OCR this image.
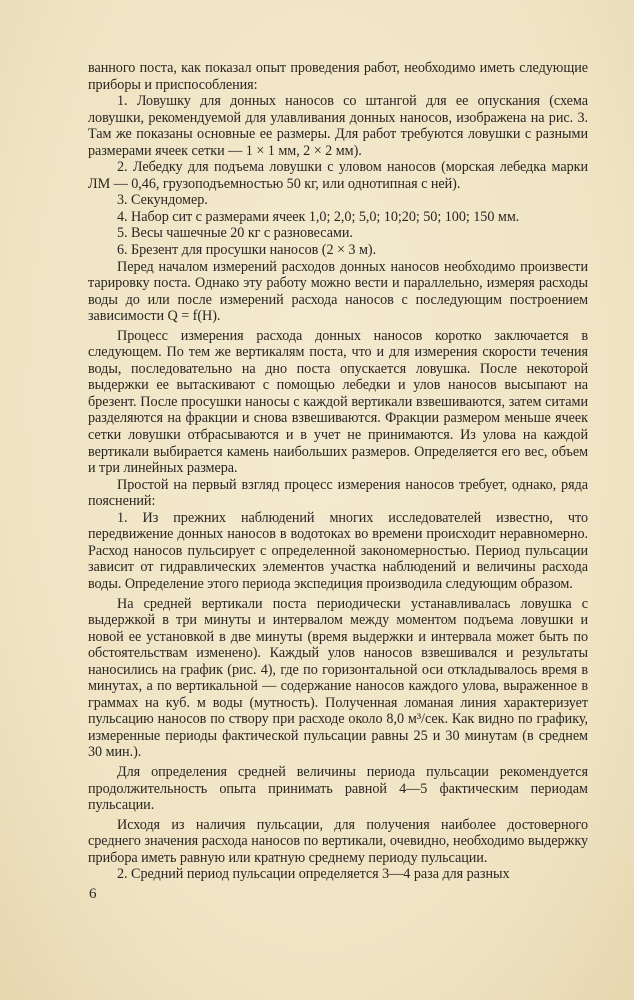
ванного поста, как показал опыт проведения работ, необходимо иметь следующие приборы и приспособления:

1. Ловушку для донных наносов со штангой для ее опускания (схема ловушки, рекомендуемой для улавливания донных наносов, изображена на рис. 3. Там же показаны основные ее размеры. Для работ требуются ловушки с разными размерами ячеек сетки — 1 × 1 мм, 2 × 2 мм).

2. Лебедку для подъема ловушки с уловом наносов (морская лебедка марки ЛМ — 0,46, грузоподъемностью 50 кг, или однотипная с ней).

3. Секундомер.

4. Набор сит с размерами ячеек 1,0; 2,0; 5,0; 10;20; 50; 100; 150 мм.

5. Весы чашечные 20 кг с разновесами.

6. Брезент для просушки наносов (2 × 3 м).

Перед началом измерений расходов донных наносов необходимо произвести тарировку поста. Однако эту работу можно вести и параллельно, измеряя расходы воды до или после измерений расхода наносов с последующим построением зависимости Q = f(H).

Процесс измерения расхода донных наносов коротко заключается в следующем. По тем же вертикалям поста, что и для измерения скорости течения воды, последовательно на дно поста опускается ловушка. После некоторой выдержки ее вытаскивают с помощью лебедки и улов наносов высыпают на брезент. После просушки наносы с каждой вертикали взвешиваются, затем ситами разделяются на фракции и снова взвешиваются. Фракции размером меньше ячеек сетки ловушки отбрасываются и в учет не принимаются. Из улова на каждой вертикали выбирается камень наибольших размеров. Определяется его вес, объем и три линейных размера.

Простой на первый взгляд процесс измерения наносов требует, однако, ряда пояснений:

1. Из прежних наблюдений многих исследователей известно, что передвижение донных наносов в водотоках во времени происходит неравномерно. Расход наносов пульсирует с определенной закономерностью. Период пульсации зависит от гидравлических элементов участка наблюдений и величины расхода воды. Определение этого периода экспедиция производила следующим образом.

На средней вертикали поста периодически устанавливалась ловушка с выдержкой в три минуты и интервалом между моментом подъема ловушки и новой ее установкой в две минуты (время выдержки и интервала может быть по обстоятельствам изменено). Каждый улов наносов взвешивался и результаты наносились на график (рис. 4), где по горизонтальной оси откладывалось время в минутах, а по вертикальной — содержание наносов каждого улова, выраженное в граммах на куб. м воды (мутность). Полученная ломаная линия характеризует пульсацию наносов по створу при расходе около 8,0 м³/сек. Как видно по графику, измеренные периоды фактической пульсации равны 25 и 30 минутам (в среднем 30 мин.).

Для определения средней величины периода пульсации рекомендуется продолжительность опыта принимать равной 4—5 фактическим периодам пульсации.

Исходя из наличия пульсации, для получения наиболее достоверного среднего значения расхода наносов по вертикали, очевидно, необходимо выдержку прибора иметь равную или кратную среднему периоду пульсации.

2. Средний период пульсации определяется 3—4 раза для разных

6
